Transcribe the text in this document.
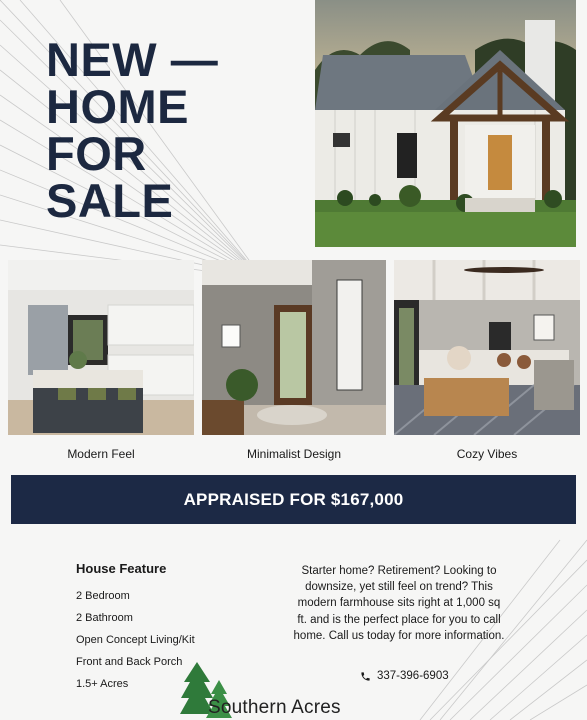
NEW —
HOME
FOR
SALE
Modern Feel	Minimalist Design	Cozy Vibes
APPRAISED FOR $167,000
House Feature
2 Bedroom
2 Bathroom
Open Concept Living/Kit
Front and Back Porch
1.5+ Acres
Starter home? Retirement? Looking to downsize, yet still feel on trend? This modern farmhouse sits right at 1,000 sq ft. and is the perfect place for you to call home. Call us today for more information.
337-396-6903
Southern Acres
